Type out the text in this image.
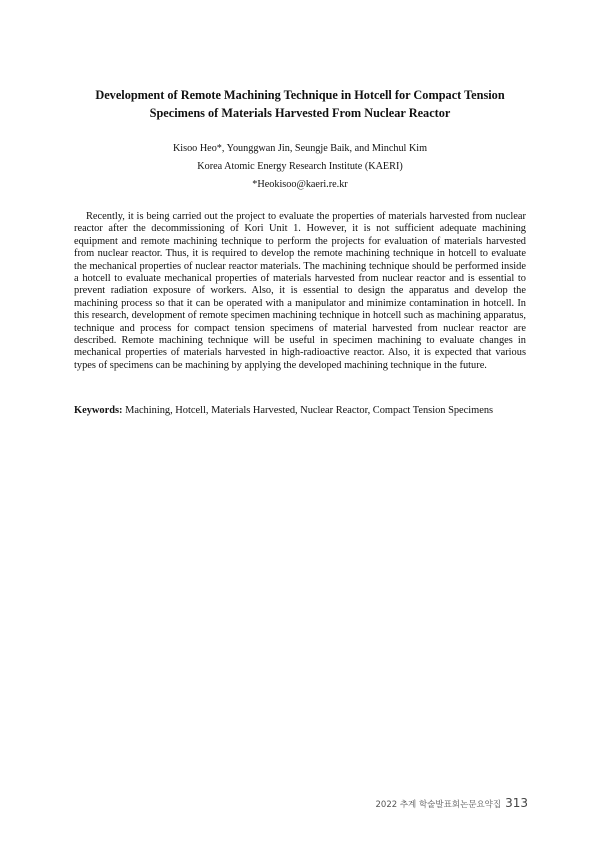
Development of Remote Machining Technique in Hotcell for Compact Tension
Specimens of Materials Harvested From Nuclear Reactor
Kisoo Heo*, Younggwan Jin, Seungje Baik, and Minchul Kim
Korea Atomic Energy Research Institute (KAERI)
*Heokisoo@kaeri.re.kr

Recently, it is being carried out the project to evaluate the properties of materials harvested from nuclear reactor after the decommissioning of Kori Unit 1. However, it is not sufficient adequate machining equipment and remote machining technique to perform the projects for evaluation of materials harvested from nuclear reactor. Thus, it is required to develop the remote machining technique in hotcell to evaluate the mechanical properties of nuclear reactor materials. The machining technique should be performed inside a hotcell to evaluate mechanical properties of materials harvested from nuclear reactor and is essential to prevent radiation exposure of workers. Also, it is essential to design the apparatus and develop the machining process so that it can be operated with a manipulator and minimize contamination in hotcell. In this research, development of remote specimen machining technique in hotcell such as machining apparatus, technique and process for compact tension specimens of material harvested from nuclear reactor are described. Remote machining technique will be useful in specimen machining to evaluate changes in mechanical properties of materials harvested in high-radioactive reactor. Also, it is expected that various types of specimens can be machining by applying the developed machining technique in the future.

Keywords: Machining, Hotcell, Materials Harvested, Nuclear Reactor, Compact Tension Specimens

2022 추계 학술발표회논문요약집 313
